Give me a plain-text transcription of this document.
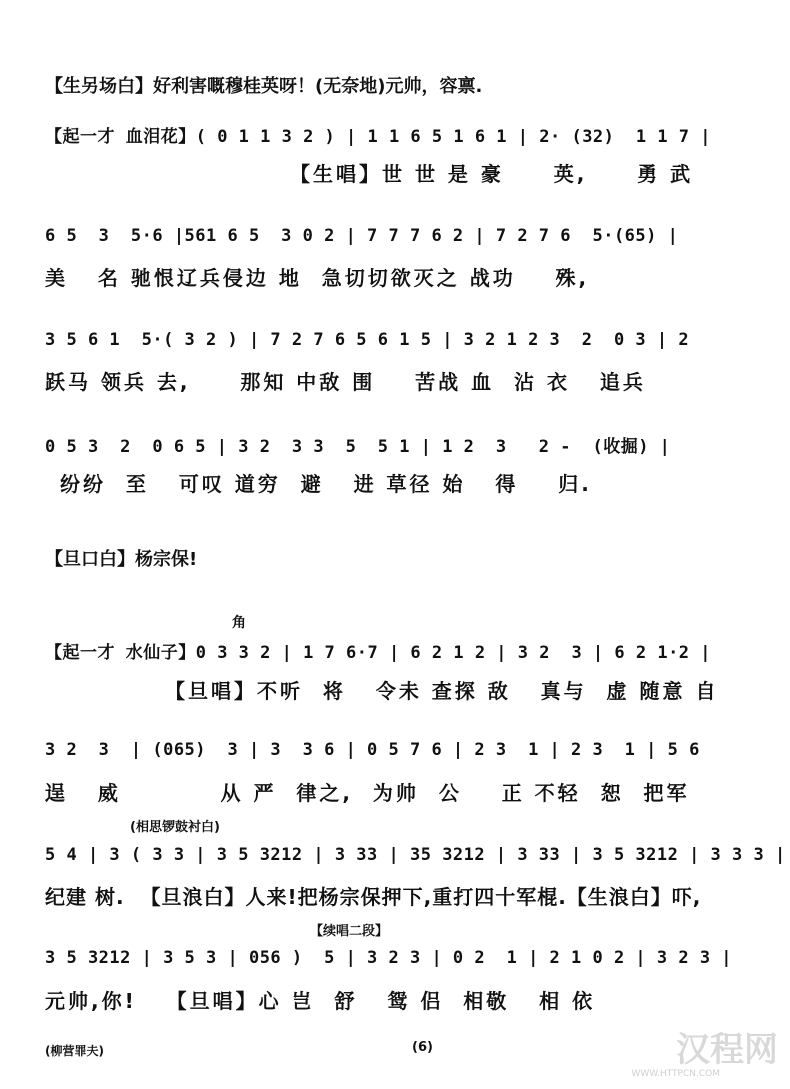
【生另场白】好利害嘅穆桂英呀！(无奈地)元帅，容禀.
【起一才 血泪花】( 0 1 1 3 2 ) | 1 1 6 5 1 6 1 | 2· (32)  1 1 7 |
【生唱】世 世 是 豪     英,     勇 武
6 5  3  5·6 |561 6 5  3 0 2 | 7 7 7 6 2 | 7 2 7 6  5·(65) |
美   名 驰恨辽兵侵边 地  急切切欲灭之 战功    殊,
3 5 6 1  5·( 3 2 ) | 7 2 7 6 5 6 1 5 | 3 2 1 2 3  2  0 3 | 2
跃马 领兵 去,     那知 中敌 围    苦战 血  沾 衣   追兵
0 5 3  2  0 6 5 | 3 2  3 3  5  5 1 | 1 2  3   2 -  (收掘) |
纷纷  至   可叹 道穷  避   进 草径 始   得    归.
【旦口白】杨宗保!
角
【起一才 水仙子】0 3 3 2 | 1 7 6·7 | 6 2 1 2 | 3 2  3 | 6 2 1·2 |
【旦唱】不听  将   令未 查探 敌   真与  虚 随意 自
3 2  3  | (065)  3 | 3  3 6 | 0 5 7 6 | 2 3  1 | 2 3  1 | 5 6
逞   威          从 严  律之,  为帅  公    正 不轻  恕  把军
(相思锣鼓衬白)
5 4 | 3 ( 3 3 | 3 5 3212 | 3 33 | 35 3212 | 3 33 | 3 5 3212 | 3 3 3 |
纪建 树.  【旦浪白】人来!把杨宗保押下,重打四十军棍.【生浪白】吓,
【续唱二段】
3 5 3212 | 3 5 3 | 056 )  5 | 3 2 3 | 0 2  1 | 2 1 0 2 | 3 2 3 |
元帅,你!   【旦唱】心 岂  舒   鸳 侣  相敬   相 依
(柳营罪夫)	(6)	汉程网
WWW.HTTPCN.COM
